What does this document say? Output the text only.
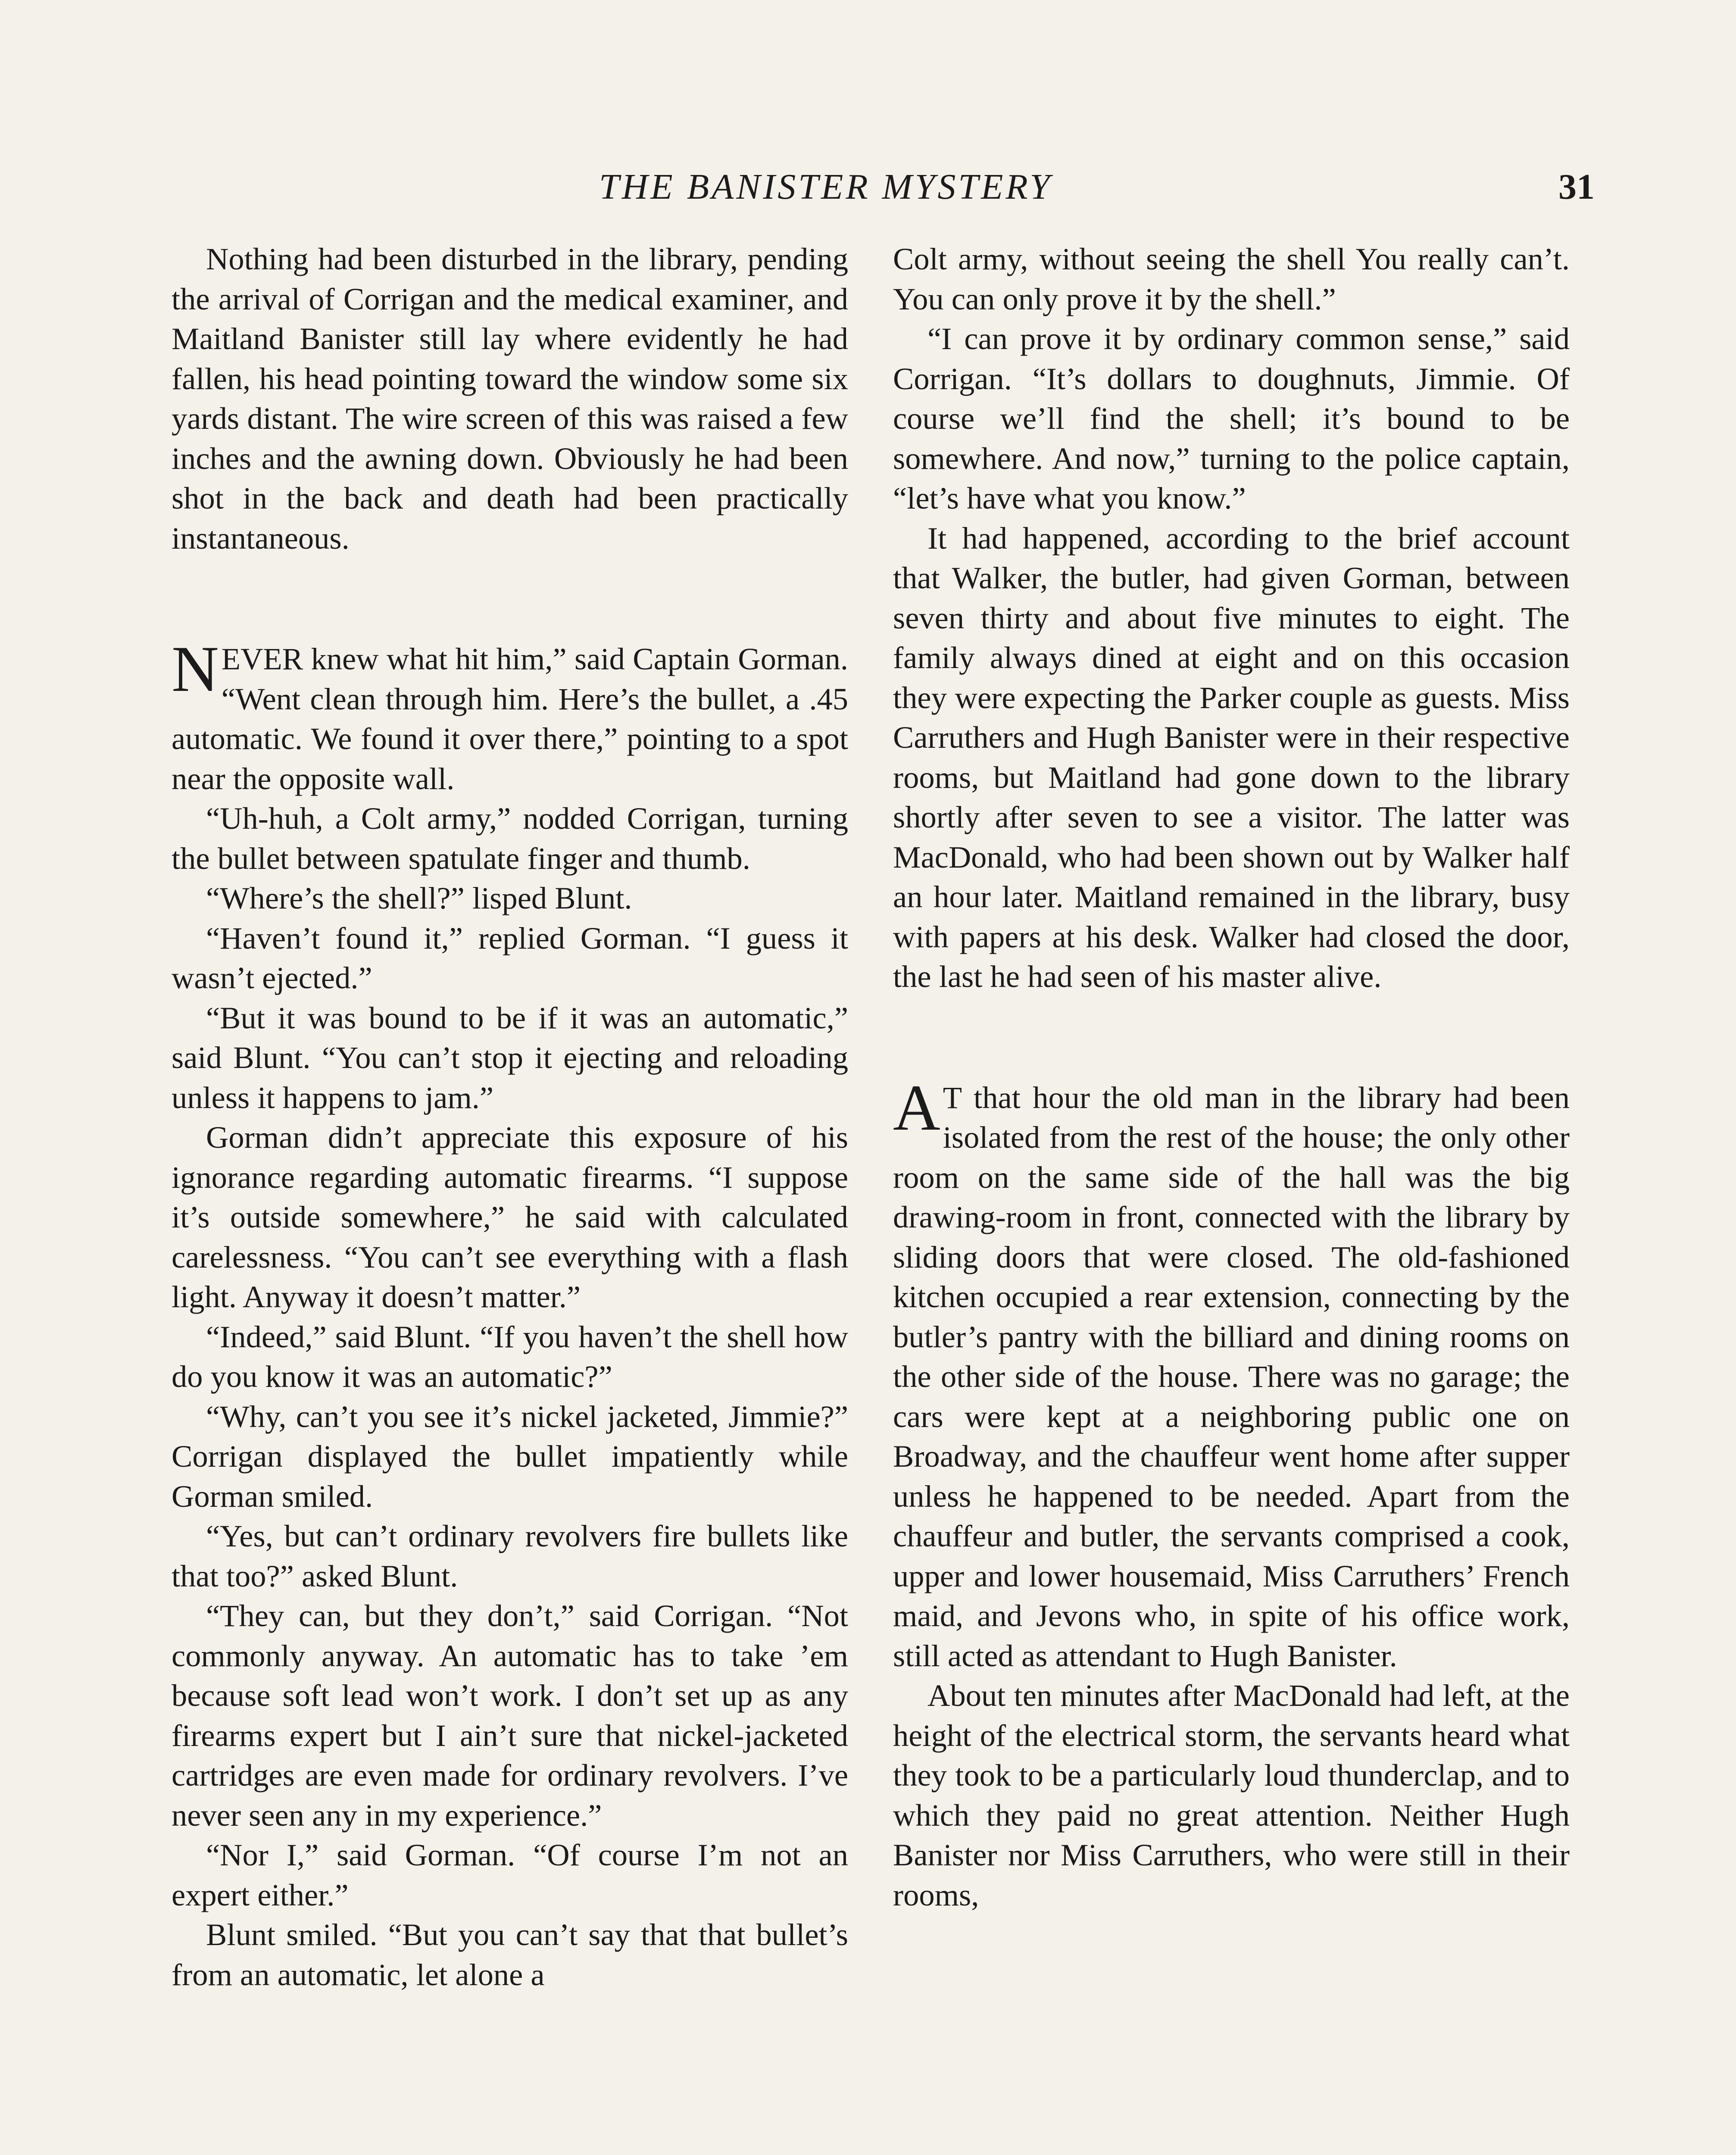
THE BANISTER MYSTERY	31

Nothing had been disturbed in the library, pending the arrival of Corrigan and the medical examiner, and Maitland Banister still lay where evidently he had fallen, his head pointing toward the window some six yards distant. The wire screen of this was raised a few inches and the awning down. Obviously he had been shot in the back and death had been practically instantaneous.

NEVER knew what hit him,” said Captain Gorman. “Went clean through him. Here’s the bullet, a .45 automatic. We found it over there,” pointing to a spot near the opposite wall.

“Uh-huh, a Colt army,” nodded Corrigan, turning the bullet between spatulate finger and thumb.

“Where’s the shell?” lisped Blunt.

“Haven’t found it,” replied Gorman. “I guess it wasn’t ejected.”

“But it was bound to be if it was an automatic,” said Blunt. “You can’t stop it ejecting and reloading unless it happens to jam.”

Gorman didn’t appreciate this exposure of his ignorance regarding automatic firearms. “I suppose it’s outside somewhere,” he said with calculated carelessness. “You can’t see everything with a flash light. Anyway it doesn’t matter.”

“Indeed,” said Blunt. “If you haven’t the shell how do you know it was an automatic?”

“Why, can’t you see it’s nickel jacketed, Jimmie?” Corrigan displayed the bullet impatiently while Gorman smiled.

“Yes, but can’t ordinary revolvers fire bullets like that too?” asked Blunt.

“They can, but they don’t,” said Corrigan. “Not commonly anyway. An automatic has to take ’em because soft lead won’t work. I don’t set up as any firearms expert but I ain’t sure that nickel-jacketed cartridges are even made for ordinary revolvers. I’ve never seen any in my experience.”

“Nor I,” said Gorman. “Of course I’m not an expert either.”

Blunt smiled. “But you can’t say that that bullet’s from an automatic, let alone a

Colt army, without seeing the shell You really can’t. You can only prove it by the shell.”

“I can prove it by ordinary common sense,” said Corrigan. “It’s dollars to doughnuts, Jimmie. Of course we’ll find the shell; it’s bound to be somewhere. And now,” turning to the police captain, “let’s have what you know.”

It had happened, according to the brief account that Walker, the butler, had given Gorman, between seven thirty and about five minutes to eight. The family always dined at eight and on this occasion they were expecting the Parker couple as guests. Miss Carruthers and Hugh Banister were in their respective rooms, but Maitland had gone down to the library shortly after seven to see a visitor. The latter was MacDonald, who had been shown out by Walker half an hour later. Maitland remained in the library, busy with papers at his desk. Walker had closed the door, the last he had seen of his master alive.

A T that hour the old man in the library had been isolated from the rest of the house; the only other room on the same side of the hall was the big drawing-room in front, connected with the library by sliding doors that were closed. The old-fashioned kitchen occupied a rear extension, connecting by the butler’s pantry with the billiard and dining rooms on the other side of the house. There was no garage; the cars were kept at a neighboring public one on Broadway, and the chauffeur went home after supper unless he happened to be needed. Apart from the chauffeur and butler, the servants comprised a cook, upper and lower housemaid, Miss Carruthers’ French maid, and Jevons who, in spite of his office work, still acted as attendant to Hugh Banister.

About ten minutes after MacDonald had left, at the height of the electrical storm, the servants heard what they took to be a particularly loud thunderclap, and to which they paid no great attention. Neither Hugh Banister nor Miss Carruthers, who were still in their rooms,
